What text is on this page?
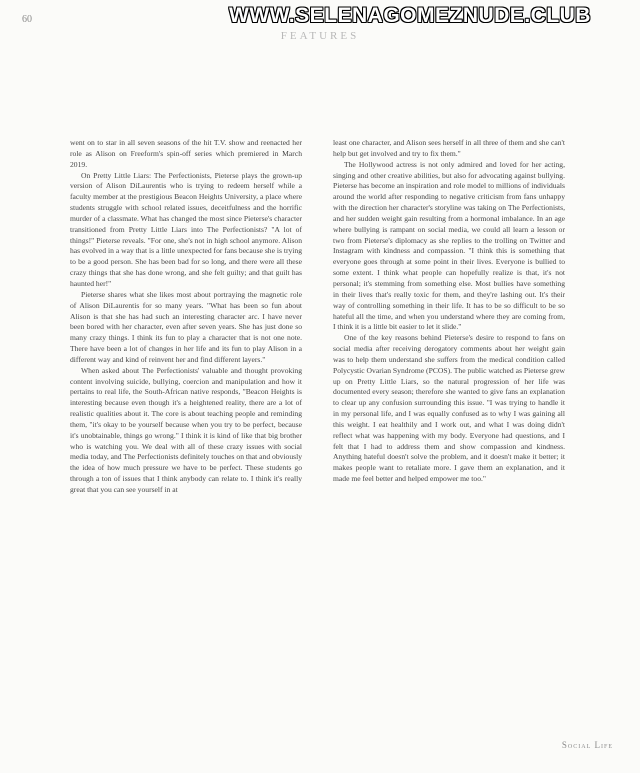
60	WWW.SELENAGOMEZNUDE.CLUB
FEATURES

went on to star in all seven seasons of the hit T.V. show and reenacted her role as Alison on Freeform's spin-off series which premiered in March 2019.

On Pretty Little Liars: The Perfectionists, Pieterse plays the grown-up version of Alison DiLaurentis who is trying to redeem herself while a faculty member at the prestigious Beacon Heights University, a place where students struggle with school related issues, deceitfulness and the horrific murder of a classmate. What has changed the most since Pieterse's character transitioned from Pretty Little Liars into The Perfectionists? "A lot of things!" Pieterse reveals. "For one, she's not in high school anymore. Alison has evolved in a way that is a little unexpected for fans because she is trying to be a good person. She has been bad for so long, and there were all these crazy things that she has done wrong, and she felt guilty; and that guilt has haunted her!"

Pieterse shares what she likes most about portraying the magnetic role of Alison DiLaurentis for so many years. "What has been so fun about Alison is that she has had such an interesting character arc. I have never been bored with her character, even after seven years. She has just done so many crazy things. I think its fun to play a character that is not one note. There have been a lot of changes in her life and its fun to play Alison in a different way and kind of reinvent her and find different layers."

When asked about The Perfectionists' valuable and thought provoking content involving suicide, bullying, coercion and manipulation and how it pertains to real life, the South-African native responds, "Beacon Heights is interesting because even though it's a heightened reality, there are a lot of realistic qualities about it. The core is about teaching people and reminding them, "it's okay to be yourself because when you try to be perfect, because it's unobtainable, things go wrong." I think it is kind of like that big brother who is watching you. We deal with all of these crazy issues with social media today, and The Perfectionists definitely touches on that and obviously the idea of how much pressure we have to be perfect. These students go through a ton of issues that I think anybody can relate to. I think it's really great that you can see yourself in at

least one character, and Alison sees herself in all three of them and she can't help but get involved and try to fix them."

The Hollywood actress is not only admired and loved for her acting, singing and other creative abilities, but also for advocating against bullying. Pieterse has become an inspiration and role model to millions of individuals around the world after responding to negative criticism from fans unhappy with the direction her character's storyline was taking on The Perfectionists, and her sudden weight gain resulting from a hormonal imbalance. In an age where bullying is rampant on social media, we could all learn a lesson or two from Pieterse's diplomacy as she replies to the trolling on Twitter and Instagram with kindness and compassion. "I think this is something that everyone goes through at some point in their lives. Everyone is bullied to some extent. I think what people can hopefully realize is that, it's not personal; it's stemming from something else. Most bullies have something in their lives that's really toxic for them, and they're lashing out. It's their way of controlling something in their life. It has to be so difficult to be so hateful all the time, and when you understand where they are coming from, I think it is a little bit easier to let it slide."

One of the key reasons behind Pieterse's desire to respond to fans on social media after receiving derogatory comments about her weight gain was to help them understand she suffers from the medical condition called Polycystic Ovarian Syndrome (PCOS). The public watched as Pieterse grew up on Pretty Little Liars, so the natural progression of her life was documented every season; therefore she wanted to give fans an explanation to clear up any confusion surrounding this issue. "I was trying to handle it in my personal life, and I was equally confused as to why I was gaining all this weight. I eat healthily and I work out, and what I was doing didn't reflect what was happening with my body. Everyone had questions, and I felt that I had to address them and show compassion and kindness. Anything hateful doesn't solve the problem, and it doesn't make it better; it makes people want to retaliate more. I gave them an explanation, and it made me feel better and helped empower me too."

Social Life
